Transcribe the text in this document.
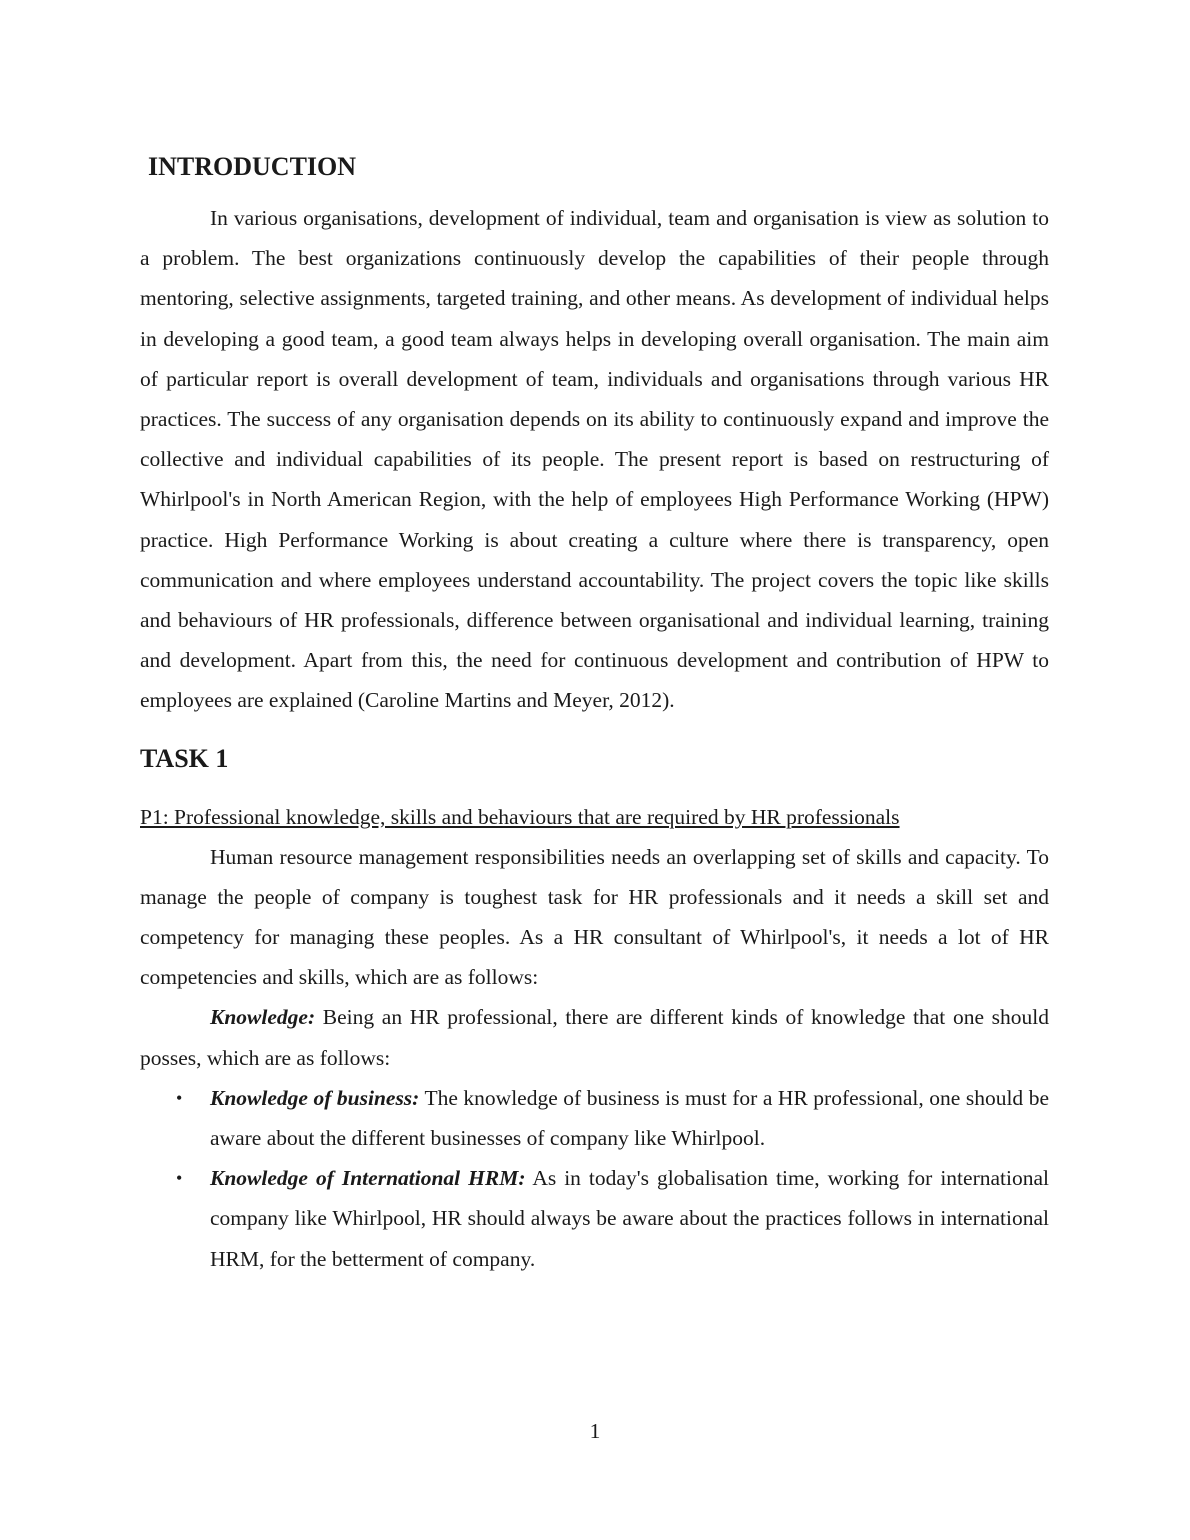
INTRODUCTION

In various organisations, development of individual, team and organisation is view as solution to a problem. The best organizations continuously develop the capabilities of their people through mentoring, selective assignments, targeted training, and other means. As development of individual helps in developing a good team, a good team always helps in developing overall organisation. The main aim of particular report is overall development of team, individuals and organisations through various HR practices. The success of any organisation depends on its ability to continuously expand and improve the collective and individual capabilities of its people. The present report is based on restructuring of Whirlpool's in North American Region, with the help of employees High Performance Working (HPW) practice. High Performance Working is about creating a culture where there is transparency, open communication and where employees understand accountability. The project covers the topic like skills and behaviours of HR professionals, difference between organisational and individual learning, training and development. Apart from this, the need for continuous development and contribution of HPW to employees are explained (Caroline Martins and Meyer, 2012).

TASK 1

P1: Professional knowledge, skills and behaviours that are required by HR professionals

Human resource management responsibilities needs an overlapping set of skills and capacity. To manage the people of company is toughest task for HR professionals and it needs a skill set and competency for managing these peoples. As a HR consultant of Whirlpool's, it needs a lot of HR competencies and skills, which are as follows:

Knowledge: Being an HR professional, there are different kinds of knowledge that one should posses, which are as follows:

• Knowledge of business: The knowledge of business is must for a HR professional, one should be aware about the different businesses of company like Whirlpool.
• Knowledge of International HRM: As in today's globalisation time, working for international company like Whirlpool, HR should always be aware about the practices follows in international HRM, for the betterment of company.
1
